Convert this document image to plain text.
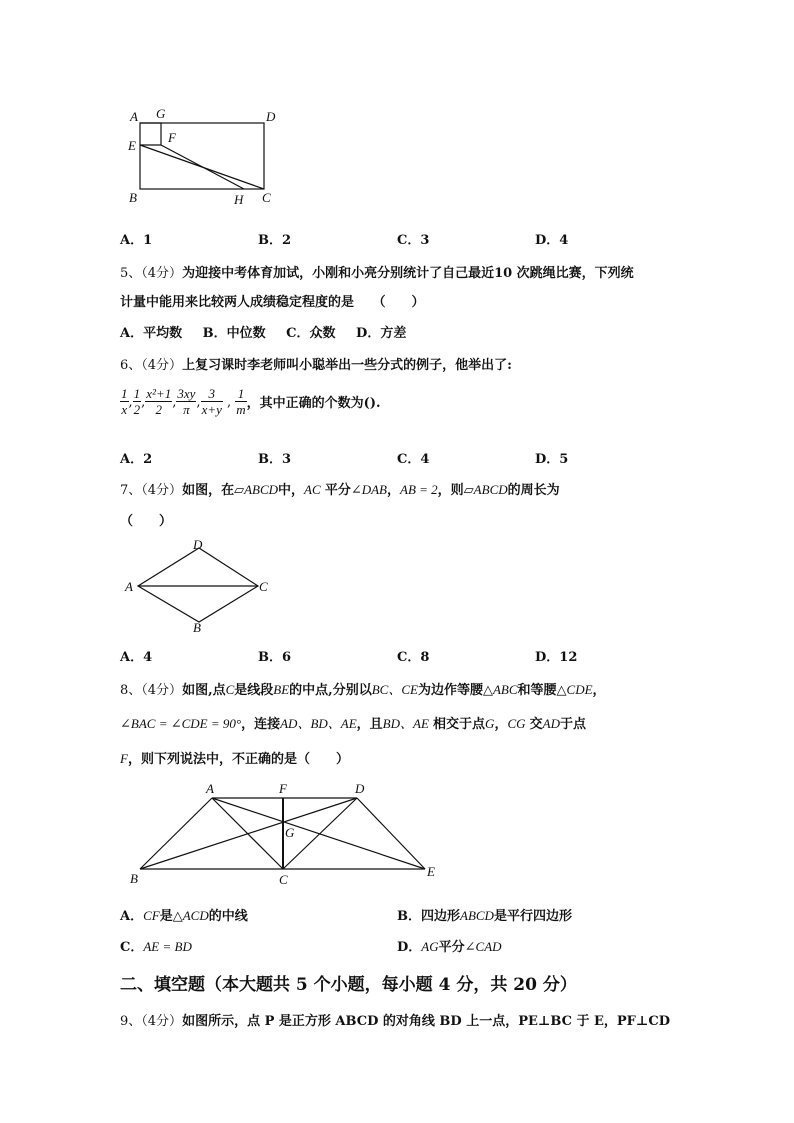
A G	D
F
E
B	H C
A．1	B．2	C．3	D．4
5、（4分）为迎接中考体育加试，小刚和小亮分别统计了自己最近10 次跳绳比赛，下列统
计量中能用来比较两人成绩稳定程度的是 （　　）
A．平均数 B．中位数 C．众数 D．方差
6、（4分）上复习课时李老师叫小聪举出一些分式的例子，他举出了:
$\frac{1}{x}$ , $\frac{1}{2}$ , $\frac{\text{x²+1}}{2}$ , $\frac{3xy}{\pi}$ , $\frac{3}{x+y}$ , $\frac{1}{m}$ ，其中正确的个数为().
A．2	B．3	C．4	D．5
7、（4分）如图，在▱ABCD中，AC 平分∠DAB，AB = 2，则▱ABCD的周长为
（　　）
D
A	C
B
A．4	B．6	C．8	D．12
8、（4分）如图,点C是线段BE的中点,分别以BC、CE为边作等腰△ABC和等腰△CDE，
∠BAC = ∠CDE = 90°，连接AD、BD、AE，且BD、AE 相交于点G，CG 交AD于点
F，则下列说法中，不正确的是（　　）
A	F	D
G
B	C
E
A．CF是△ACD的中线	B．四边形ABCD是平行四边形
C．AE = BD	D．AG平分∠CAD
二、填空题（本大题共 5 个小题，每小题 4 分，共 20 分）
9、（4分）如图所示，点 P 是正方形 ABCD 的对角线 BD 上一点，PE⊥BC 于 E，PF⊥CD
